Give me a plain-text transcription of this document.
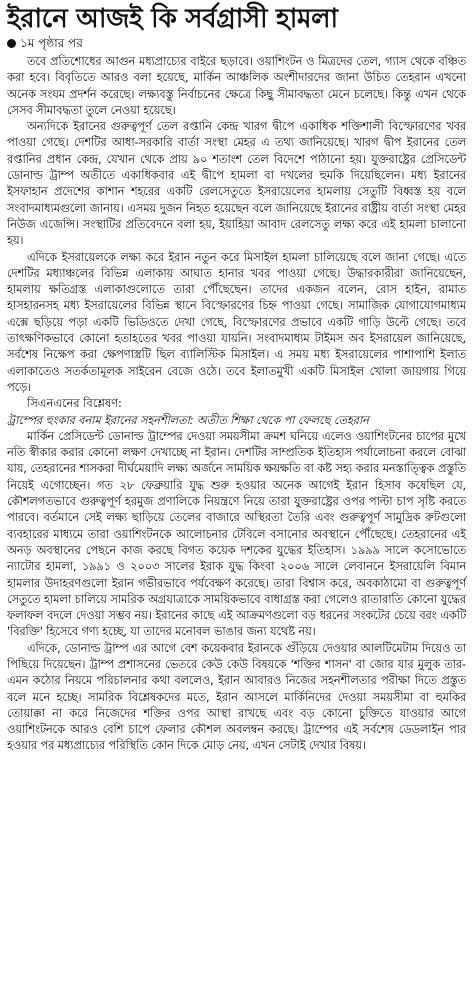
ইরানে আজই কি সর্বগ্রাসী হামলা
১ম পৃষ্ঠার পর

তবে প্রতিশোধের আগুন মধ্যপ্রাচ্যের বাইরে ছড়াবে। ওয়াশিংটন ও মিত্রদের তেল, গ্যাস থেকে বঞ্চিত করা হবে। বিবৃতিতে আরও বলা হয়েছে, মার্কিন আঞ্চলিক অংশীদারদের জানা উচিত তেহরান এখনো অনেক সংযম প্রদর্শন করেছে। লক্ষ্যবস্তু নির্বাচনের ক্ষেত্রে কিছু সীমাবদ্ধতা মেনে চলেছে। কিন্তু এখন থেকে সেসব সীমাবদ্ধতা তুলে নেওয়া হয়েছে।

অন্যদিকে ইরানের গুরুত্বপূর্ণ তেল রপ্তানি কেন্দ্র খারগ দ্বীপে একাধিক শক্তিশালী বিস্ফোরণের খবর পাওয়া গেছে। দেশটির আধা-সরকারি বার্তা সংস্থা মেহর এ তথ্য জানিয়েছে। খারগ দ্বীপ ইরানের তেল রপ্তানির প্রধান কেন্দ্র, যেখান থেকে প্রায় ৯০ শতাংশ তেল বিদেশে পাঠানো হয়। যুক্তরাষ্ট্রের প্রেসিডেন্ট ডোনাল্ড ট্রাম্প অতীতে একাধিকবার এই দ্বীপে হামলা বা দখলের হুমকি দিয়েছিলেন। মধ্য ইরানের ইসফাহান প্রদেশের কাশান শহরের একটি রেলসেতুতে ইসরায়েলের হামলায় সেতুটি বিধ্বস্ত হয় বলে সংবাদমাধ্যমগুলো জানায়। এসময় দুজন নিহত হয়েছেন বলে জানিয়েছে ইরানের রাষ্ট্রীয় বার্তা সংস্থা মেহর নিউজ এজেন্সি। সংস্থাটির প্রতিবেদনে বলা হয়, ইয়াহিয়া আবাদ রেলসেতু লক্ষ্য করে এই হামলা চালানো হয়।

এদিকে ইসরায়েলকে লক্ষ্য করে ইরান নতুন করে মিসাইল হামলা চালিয়েছে বলে জানা গেছে। এতে দেশটির মধ্যাঞ্চলের বিভিন্ন এলাকায় আঘাত হানার খবর পাওয়া গেছে। উদ্ধারকারীরা জানিয়েছেন, হামলায় ক্ষতিগ্রস্ত এলাকাগুলোতে তারা পৌঁছেছেন। তাদের একজন বলেন, রোস হাইন, রামাত হাসহারনসহ মধ্য ইসরায়েলের বিভিন্ন স্থানে বিস্ফোরণের চিহ্ন পাওয়া গেছে। সামাজিক যোগাযোগমাধ্যম এক্সে ছড়িয়ে পড়া একটি ভিডিওতে দেখা গেছে, বিস্ফোরণের প্রভাবে একটি গাড়ি উল্টে গেছে। তবে তাৎক্ষণিকভাবে কোনো হতাহতের খবর পাওয়া যায়নি। সংবাদমাধ্যম টাইমস অব ইসরায়েল জানিয়েছে, সর্বশেষ নিক্ষেপ করা ক্ষেপণাস্ত্রটি ছিল ব্যালিস্টিক মিসাইল। এ সময় মধ্য ইসরায়েলের পাশাপাশি ইলাত এলাকাতেও সতর্কতামূলক সাইরেন বেজে ওঠে। তবে ইলাতমুখী একটি মিসাইল খোলা জায়গায় গিয়ে পড়ে।

সিএনএনের বিশ্লেষণ:
ট্রাম্পের হুংকার বনাম ইরানের সহনশীলতা: অতীত শিক্ষা থেকে পা ফেলছে তেহরান

মার্কিন প্রেসিডেন্ট ডোনাল্ড ট্রাম্পের দেওয়া সময়সীমা ক্রমশ ঘনিয়ে এলেও ওয়াশিংটনের চাপের মুখে নতি স্বীকার করার কোনো লক্ষণ দেখাচ্ছে না ইরান। দেশটির সাম্প্রতিক ইতিহাস পর্যালোচনা করলে বোঝা যায়, তেহরানের শাসকরা দীর্ঘমেয়াদি লক্ষ্য অর্জনে সাময়িক ক্ষয়ক্ষতি বা কষ্ট সহ্য করার মনস্তাত্ত্বিক প্রস্তুতি নিয়েই এগোচ্ছেন। গত ২৮ ফেব্রুয়ারি যুদ্ধ শুরু হওয়ার অনেক আগেই ইরান হিসাব কষেছিল যে, কৌশলগতভাবে গুরুত্বপূর্ণ হরমুজ প্রণালিকে নিয়ন্ত্রণে নিয়ে তারা যুক্তরাষ্ট্রের ওপর পাল্টা চাপ সৃষ্টি করতে পারবে। বর্তমানে সেই লক্ষ্য ছাড়িয়ে তেলের বাজারে অস্থিরতা তৈরি এবং গুরুত্বপূর্ণ সামুদ্রিক রুটগুলো ব্যবহারের মাধ্যমে তারা ওয়াশিংটনকে আলোচনার টেবিলে বসানোর অবস্থানে পৌঁছেছে। তেহরানের এই অনড় অবস্থানের পেছনে কাজ করছে বিগত কয়েক দশকের যুদ্ধের ইতিহাস। ১৯৯৯ সালে কসোভোতে ন্যাটোর হামলা, ১৯৯১ ও ২০০৩ সালের ইরাক যুদ্ধ কিংবা ২০০৬ সালে লেবাননে ইসরায়েলি বিমান হামলার উদাহরণগুলো ইরান গভীরভাবে পর্যবেক্ষণ করেছে। তারা বিশ্বাস করে, অবকাঠামো বা গুরুত্বপূর্ণ সেতুতে হামলা চালিয়ে সামরিক অগ্রযাত্রাকে সাময়িকভাবে বাধাগ্রস্ত করা গেলেও রাতারাতি কোনো যুদ্ধের ফলাফল বদলে দেওয়া সম্ভব নয়। ইরানের কাছে এই আক্রমণগুলো বড় ধরনের সংকটের চেয়ে বরং একটি 'বিরক্তি' হিসেবে গণ্য হচ্ছে, যা তাদের মনোবল ভাঙার জন্য যথেষ্ট নয়।

এদিকে, ডোনাল্ড ট্রাম্প এর আগে বেশ কয়েকবার ইরানকে গুঁড়িয়ে দেওয়ার আলটিমেটাম দিয়েও তা পিছিয়ে দিয়েছেন। ট্রাম্প প্রশাসনের ভেতরে কেউ কেউ বিষয়কে 'শক্তির শাসন' বা জোর যার মুলুক তার- এমন কঠোর নিয়মে পরিচালনার কথা বললেও, ইরান আবারও নিজের সহনশীলতার পরীক্ষা দিতে প্রস্তুত বলে মনে হচ্ছে। সামরিক বিশ্লেষকদের মতে, ইরান আসলে মার্কিনিদের দেওয়া সময়সীমা বা হুমকির তোয়াক্কা না করে নিজেদের শক্তির ওপর আস্থা রাখছে এবং বড় কোনো চুক্তিতে যাওয়ার আগে ওয়াশিংটনকে আরও বেশি চাপে ফেলার কৌশল অবলম্বন করছে। ট্রাম্পের এই সর্বশেষ ডেডলাইন পার হওয়ার পর মধ্যপ্রাচ্যের পরিস্থিতি কোন দিকে মোড় নেয়, এখন সেটাই দেখার বিষয়।
